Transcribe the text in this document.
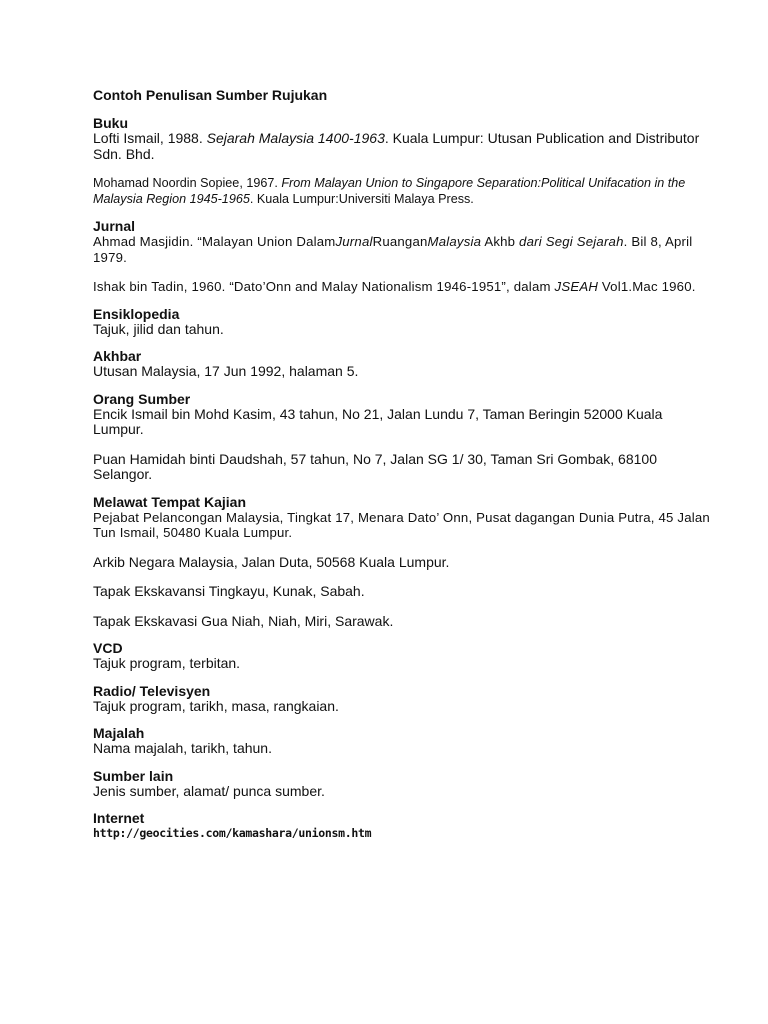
Contoh Penulisan Sumber Rujukan
Buku
Lofti Ismail, 1988. Sejarah Malaysia 1400-1963. Kuala Lumpur: Utusan Publication and Distributor Sdn. Bhd.
Mohamad Noordin Sopiee, 1967. From Malayan Union to Singapore Separation:Political Unifacation in the Malaysia Region 1945-1965. Kuala Lumpur:Universiti Malaya Press.
Jurnal
Ahmad Masjidin. “Malayan Union DalamJurnalRuanganMalaysia Akhb dari Segi Sejarah. Bil 8, April 1979.
Ishak bin Tadin, 1960. “Dato’Onn and Malay Nationalism 1946-1951”, dalam JSEAH Vol1.Mac 1960.
Ensiklopedia
Tajuk, jilid dan tahun.
Akhbar
Utusan Malaysia, 17 Jun 1992, halaman 5.
Orang Sumber
Encik Ismail bin Mohd Kasim, 43 tahun, No 21, Jalan Lundu 7, Taman Beringin 52000 Kuala Lumpur.
Puan Hamidah binti Daudshah, 57 tahun, No 7, Jalan SG 1/ 30, Taman Sri Gombak, 68100 Selangor.
Melawat Tempat Kajian
Pejabat Pelancongan Malaysia, Tingkat 17, Menara Dato’ Onn, Pusat dagangan Dunia Putra, 45 Jalan Tun Ismail, 50480 Kuala Lumpur.
Arkib Negara Malaysia, Jalan Duta, 50568 Kuala Lumpur.
Tapak Ekskavansi Tingkayu, Kunak, Sabah.
Tapak Ekskavasi Gua Niah, Niah, Miri, Sarawak.
VCD
Tajuk program, terbitan.
Radio/ Televisyen
Tajuk program, tarikh, masa, rangkaian.
Majalah
Nama majalah, tarikh, tahun.
Sumber lain
Jenis sumber, alamat/ punca sumber.
Internet
http://geocities.com/kamashara/unionsm.htm
